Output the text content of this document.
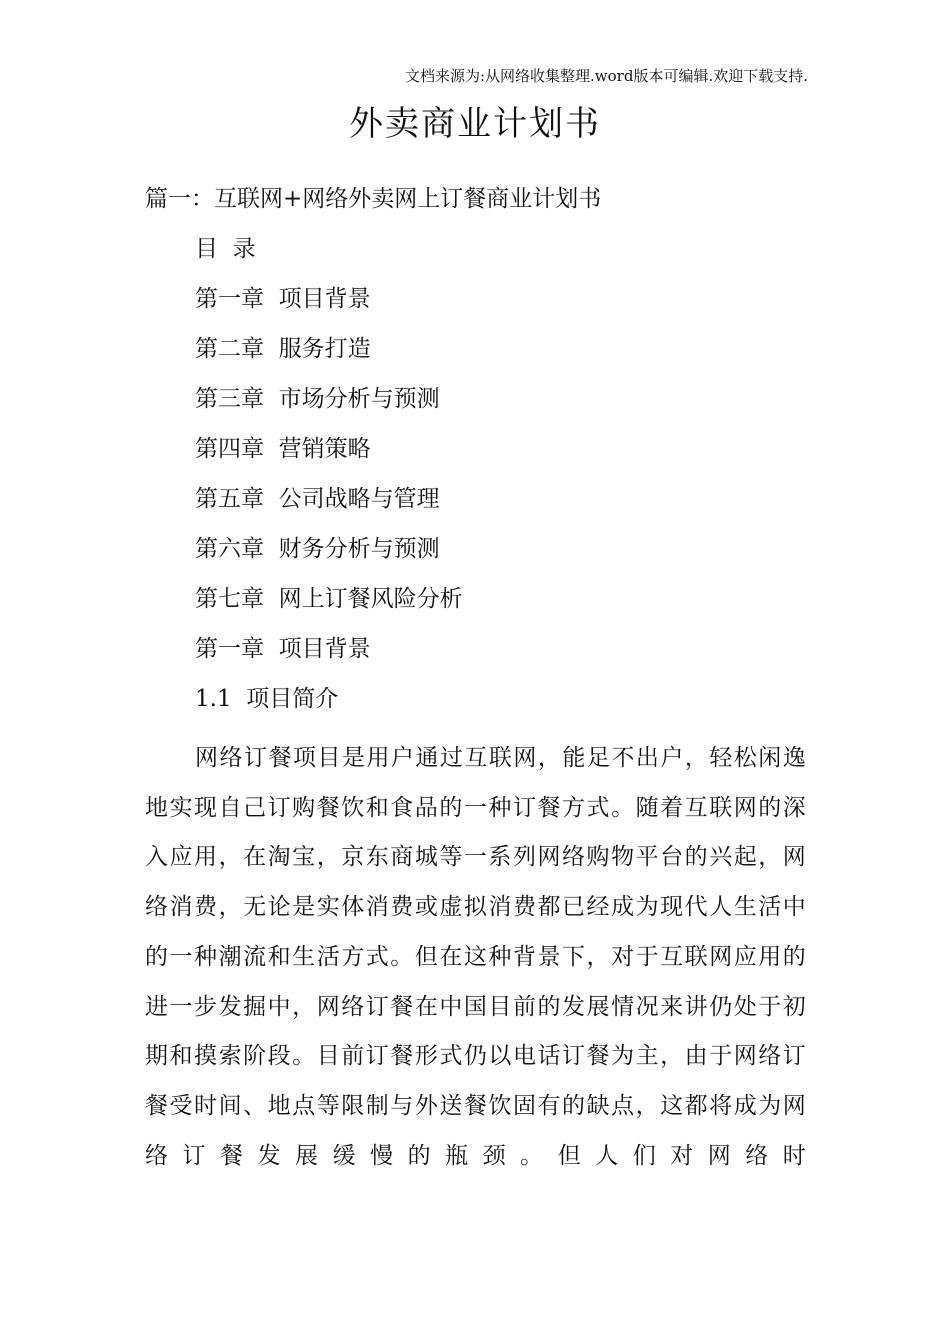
文档来源为:从网络收集整理.word版本可编辑.欢迎下载支持.
外卖商业计划书
篇一：互联网+网络外卖网上订餐商业计划书
目  录
第一章  项目背景
第二章  服务打造
第三章  市场分析与预测
第四章  营销策略
第五章  公司战略与管理
第六章  财务分析与预测
第七章  网上订餐风险分析
第一章  项目背景
1.1  项目简介
网络订餐项目是用户通过互联网，能足不出户，轻松闲逸地实现自己订购餐饮和食品的一种订餐方式。随着互联网的深入应用，在淘宝，京东商城等一系列网络购物平台的兴起，网络消费，无论是实体消费或虚拟消费都已经成为现代人生活中的一种潮流和生活方式。但在这种背景下，对于互联网应用的进一步发掘中，网络订餐在中国目前的发展情况来讲仍处于初期和摸索阶段。目前订餐形式仍以电话订餐为主，由于网络订餐受时间、地点等限制与外送餐饮固有的缺点，这都将成为网络订餐发展缓慢的瓶颈。但人们对网络时
